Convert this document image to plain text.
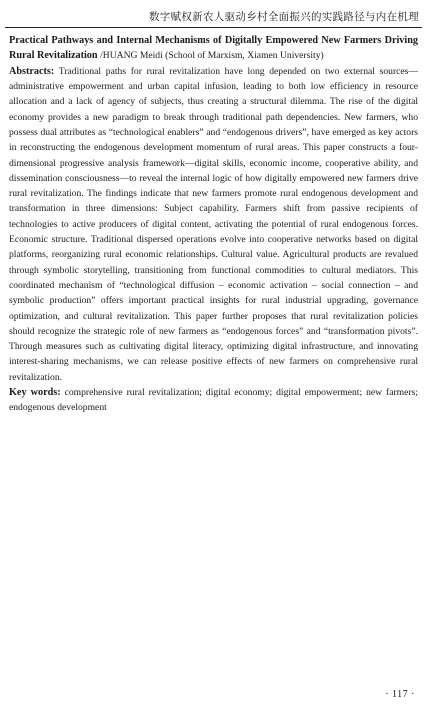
数字赋权新农人驱动乡村全面振兴的实践路径与内在机理

Practical Pathways and Internal Mechanisms of Digitally Empowered New Farmers Driving Rural Revitalization /HUANG Meidi (School of Marxism, Xiamen University)

Abstracts: Traditional paths for rural revitalization have long depended on two external sources—administrative empowerment and urban capital infusion, leading to both low efficiency in resource allocation and a lack of agency of subjects, thus creating a structural dilemma. The rise of the digital economy provides a new paradigm to break through traditional path dependencies. New farmers, who possess dual attributes as “technological enablers” and “endogenous drivers”, have emerged as key actors in reconstructing the endogenous development momentum of rural areas. This paper constructs a four-dimensional progressive analysis framework—digital skills, economic income, cooperative ability, and dissemination consciousness—to reveal the internal logic of how digitally empowered new farmers drive rural revitalization. The findings indicate that new farmers promote rural endogenous development and transformation in three dimensions: Subject capability. Farmers shift from passive recipients of technologies to active producers of digital content, activating the potential of rural endogenous forces. Economic structure. Traditional dispersed operations evolve into cooperative networks based on digital platforms, reorganizing rural economic relationships. Cultural value. Agricultural products are revalued through symbolic storytelling, transitioning from functional commodities to cultural mediators. This coordinated mechanism of “technological diffusion – economic activation – social connection – and symbolic production” offers important practical insights for rural industrial upgrading, governance optimization, and cultural revitalization. This paper further proposes that rural revitalization policies should recognize the strategic role of new farmers as “endogenous forces” and “transformation pivots”. Through measures such as cultivating digital literacy, optimizing digital infrastructure, and innovating interest-sharing mechanisms, we can release positive effects of new farmers on comprehensive rural revitalization.

Key words: comprehensive rural revitalization; digital economy; digital empowerment; new farmers; endogenous development

· 117 ·
